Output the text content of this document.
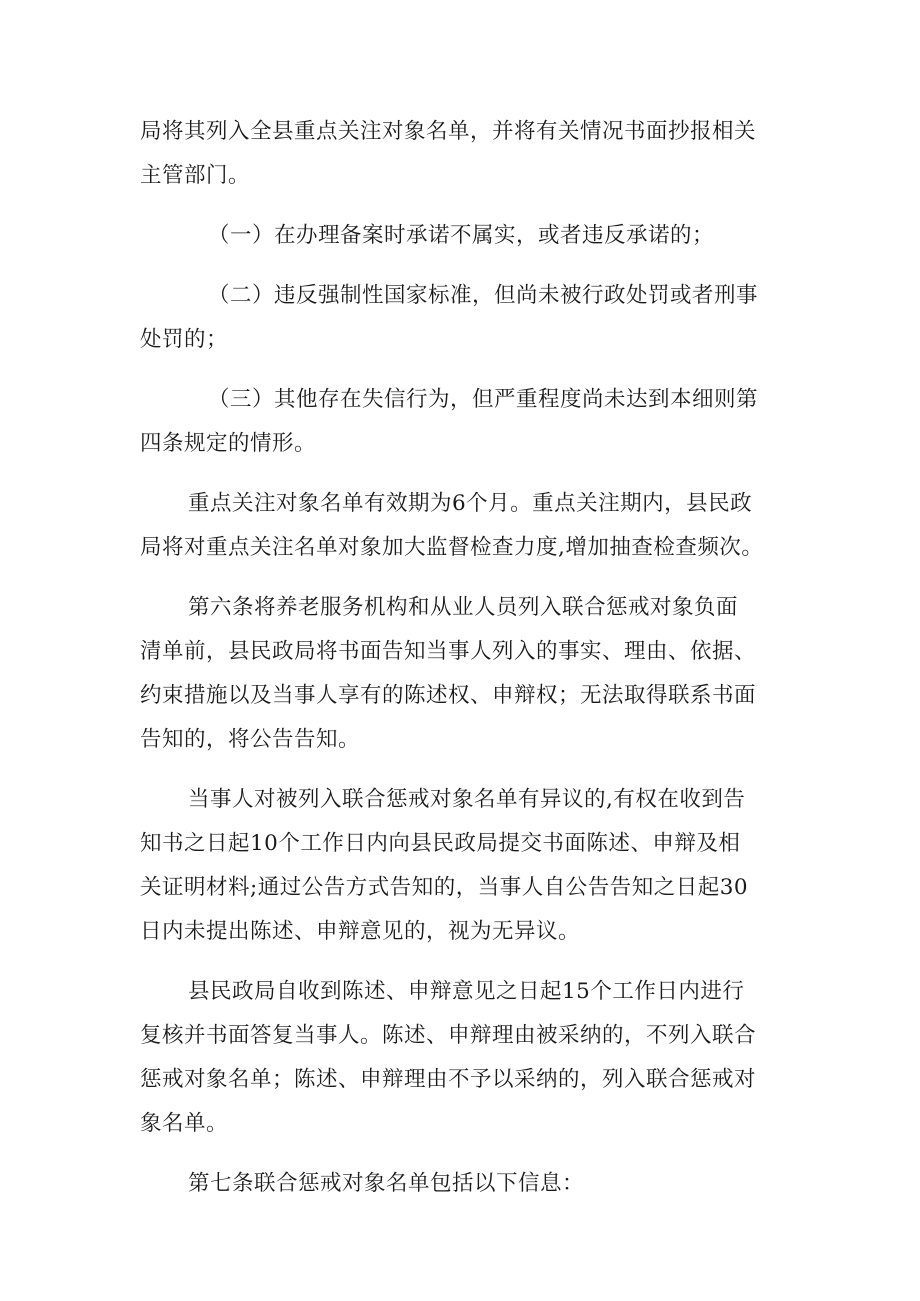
局将其列入全县重点关注对象名单，并将有关情况书面抄报相关
主管部门。
（一）在办理备案时承诺不属实，或者违反承诺的；
（二）违反强制性国家标准，但尚未被行政处罚或者刑事
处罚的；
（三）其他存在失信行为，但严重程度尚未达到本细则第
四条规定的情形。
重点关注对象名单有效期为6个月。重点关注期内，县民政
局将对重点关注名单对象加大监督检查力度,增加抽查检查频次。
第六条将养老服务机构和从业人员列入联合惩戒对象负面
清单前，县民政局将书面告知当事人列入的事实、理由、依据、
约束措施以及当事人享有的陈述权、申辩权；无法取得联系书面
告知的，将公告告知。
当事人对被列入联合惩戒对象名单有异议的,有权在收到告
知书之日起10个工作日内向县民政局提交书面陈述、申辩及相
关证明材料;通过公告方式告知的，当事人自公告告知之日起30
日内未提出陈述、申辩意见的，视为无异议。
县民政局自收到陈述、申辩意见之日起15个工作日内进行
复核并书面答复当事人。陈述、申辩理由被采纳的，不列入联合
惩戒对象名单；陈述、申辩理由不予以采纳的，列入联合惩戒对
象名单。
第七条联合惩戒对象名单包括以下信息：
